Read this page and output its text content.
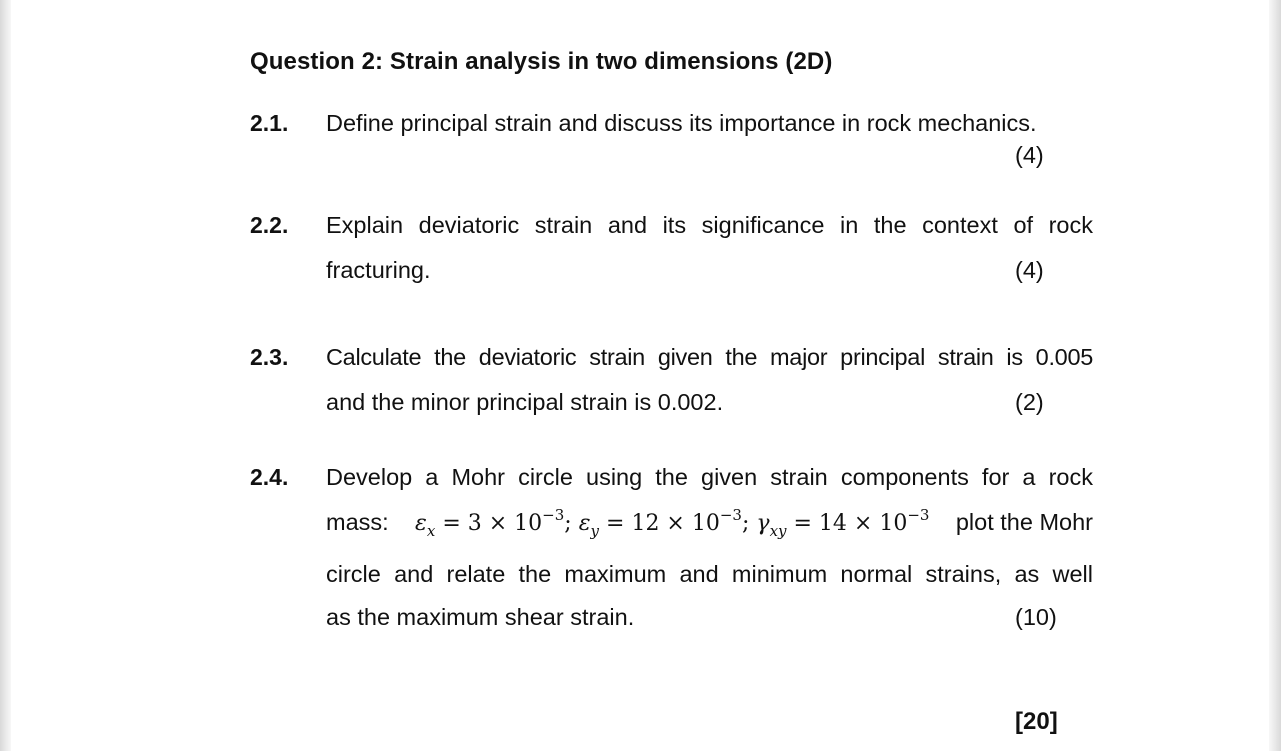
Question 2: Strain analysis in two dimensions (2D)
2.1. Define principal strain and discuss its importance in rock mechanics.
(4)
2.2. Explain deviatoric strain and its significance in the context of rock
fracturing.	(4)
2.3. Calculate the deviatoric strain given the major principal strain is 0.005
and the minor principal strain is 0.002.	(2)
2.4. Develop a Mohr circle using the given strain components for a rock
mass: $\varepsilon_x = 3 \times 10^{-3}$; $\varepsilon_y = 12 \times 10^{-3}$; $\gamma_{xy} = 14 \times 10^{-3}$ plot the Mohr
circle and relate the maximum and minimum normal strains, as well
as the maximum shear strain.	(10)
[20]
